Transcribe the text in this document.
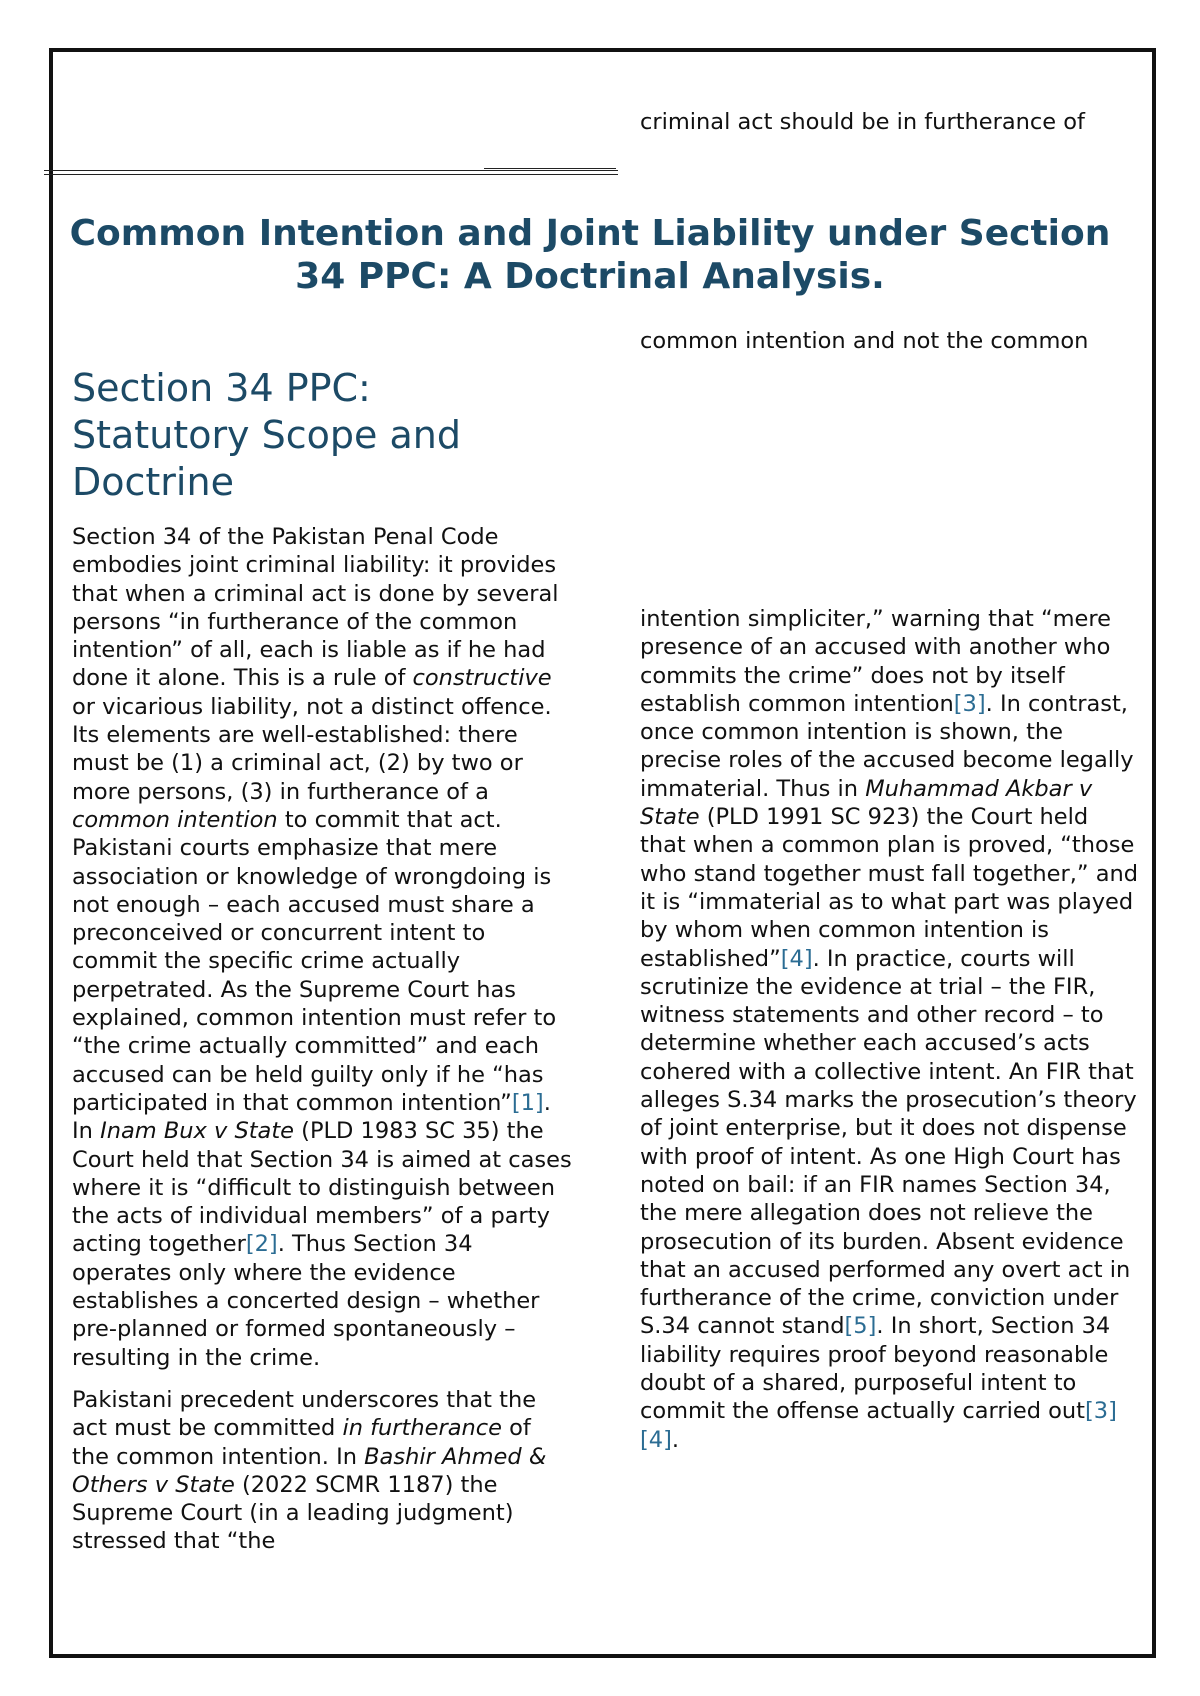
criminal act should be in furtherance of
Common Intention and Joint Liability under Section 34 PPC: A Doctrinal Analysis.
common intention and not the common
Section 34 PPC: Statutory Scope and Doctrine

Section 34 of the Pakistan Penal Code embodies joint criminal liability: it provides that when a criminal act is done by several persons “in furtherance of the common intention” of all, each is liable as if he had done it alone. This is a rule of constructive or vicarious liability, not a distinct offence. Its elements are well-established: there must be (1) a criminal act, (2) by two or more persons, (3) in furtherance of a common intention to commit that act. Pakistani courts emphasize that mere association or knowledge of wrongdoing is not enough – each accused must share a preconceived or concurrent intent to commit the specific crime actually perpetrated. As the Supreme Court has explained, common intention must refer to “the crime actually committed” and each accused can be held guilty only if he “has participated in that common intention”[1]. In Inam Bux v State (PLD 1983 SC 35) the Court held that Section 34 is aimed at cases where it is “difficult to distinguish between the acts of individual members” of a party acting together[2]. Thus Section 34 operates only where the evidence establishes a concerted design – whether pre-planned or formed spontaneously – resulting in the crime.

Pakistani precedent underscores that the act must be committed in furtherance of the common intention. In Bashir Ahmed & Others v State (2022 SCMR 1187) the Supreme Court (in a leading judgment) stressed that “the

intention simpliciter,” warning that “mere presence of an accused with another who commits the crime” does not by itself establish common intention[3]. In contrast, once common intention is shown, the precise roles of the accused become legally immaterial. Thus in Muhammad Akbar v State (PLD 1991 SC 923) the Court held that when a common plan is proved, “those who stand together must fall together,” and it is “immaterial as to what part was played by whom when common intention is established”[4]. In practice, courts will scrutinize the evidence at trial – the FIR, witness statements and other record – to determine whether each accused’s acts cohered with a collective intent. An FIR that alleges S.34 marks the prosecution’s theory of joint enterprise, but it does not dispense with proof of intent. As one High Court has noted on bail: if an FIR names Section 34, the mere allegation does not relieve the prosecution of its burden. Absent evidence that an accused performed any overt act in furtherance of the crime, conviction under S.34 cannot stand[5]. In short, Section 34 liability requires proof beyond reasonable doubt of a shared, purposeful intent to commit the offense actually carried out[3][4].
